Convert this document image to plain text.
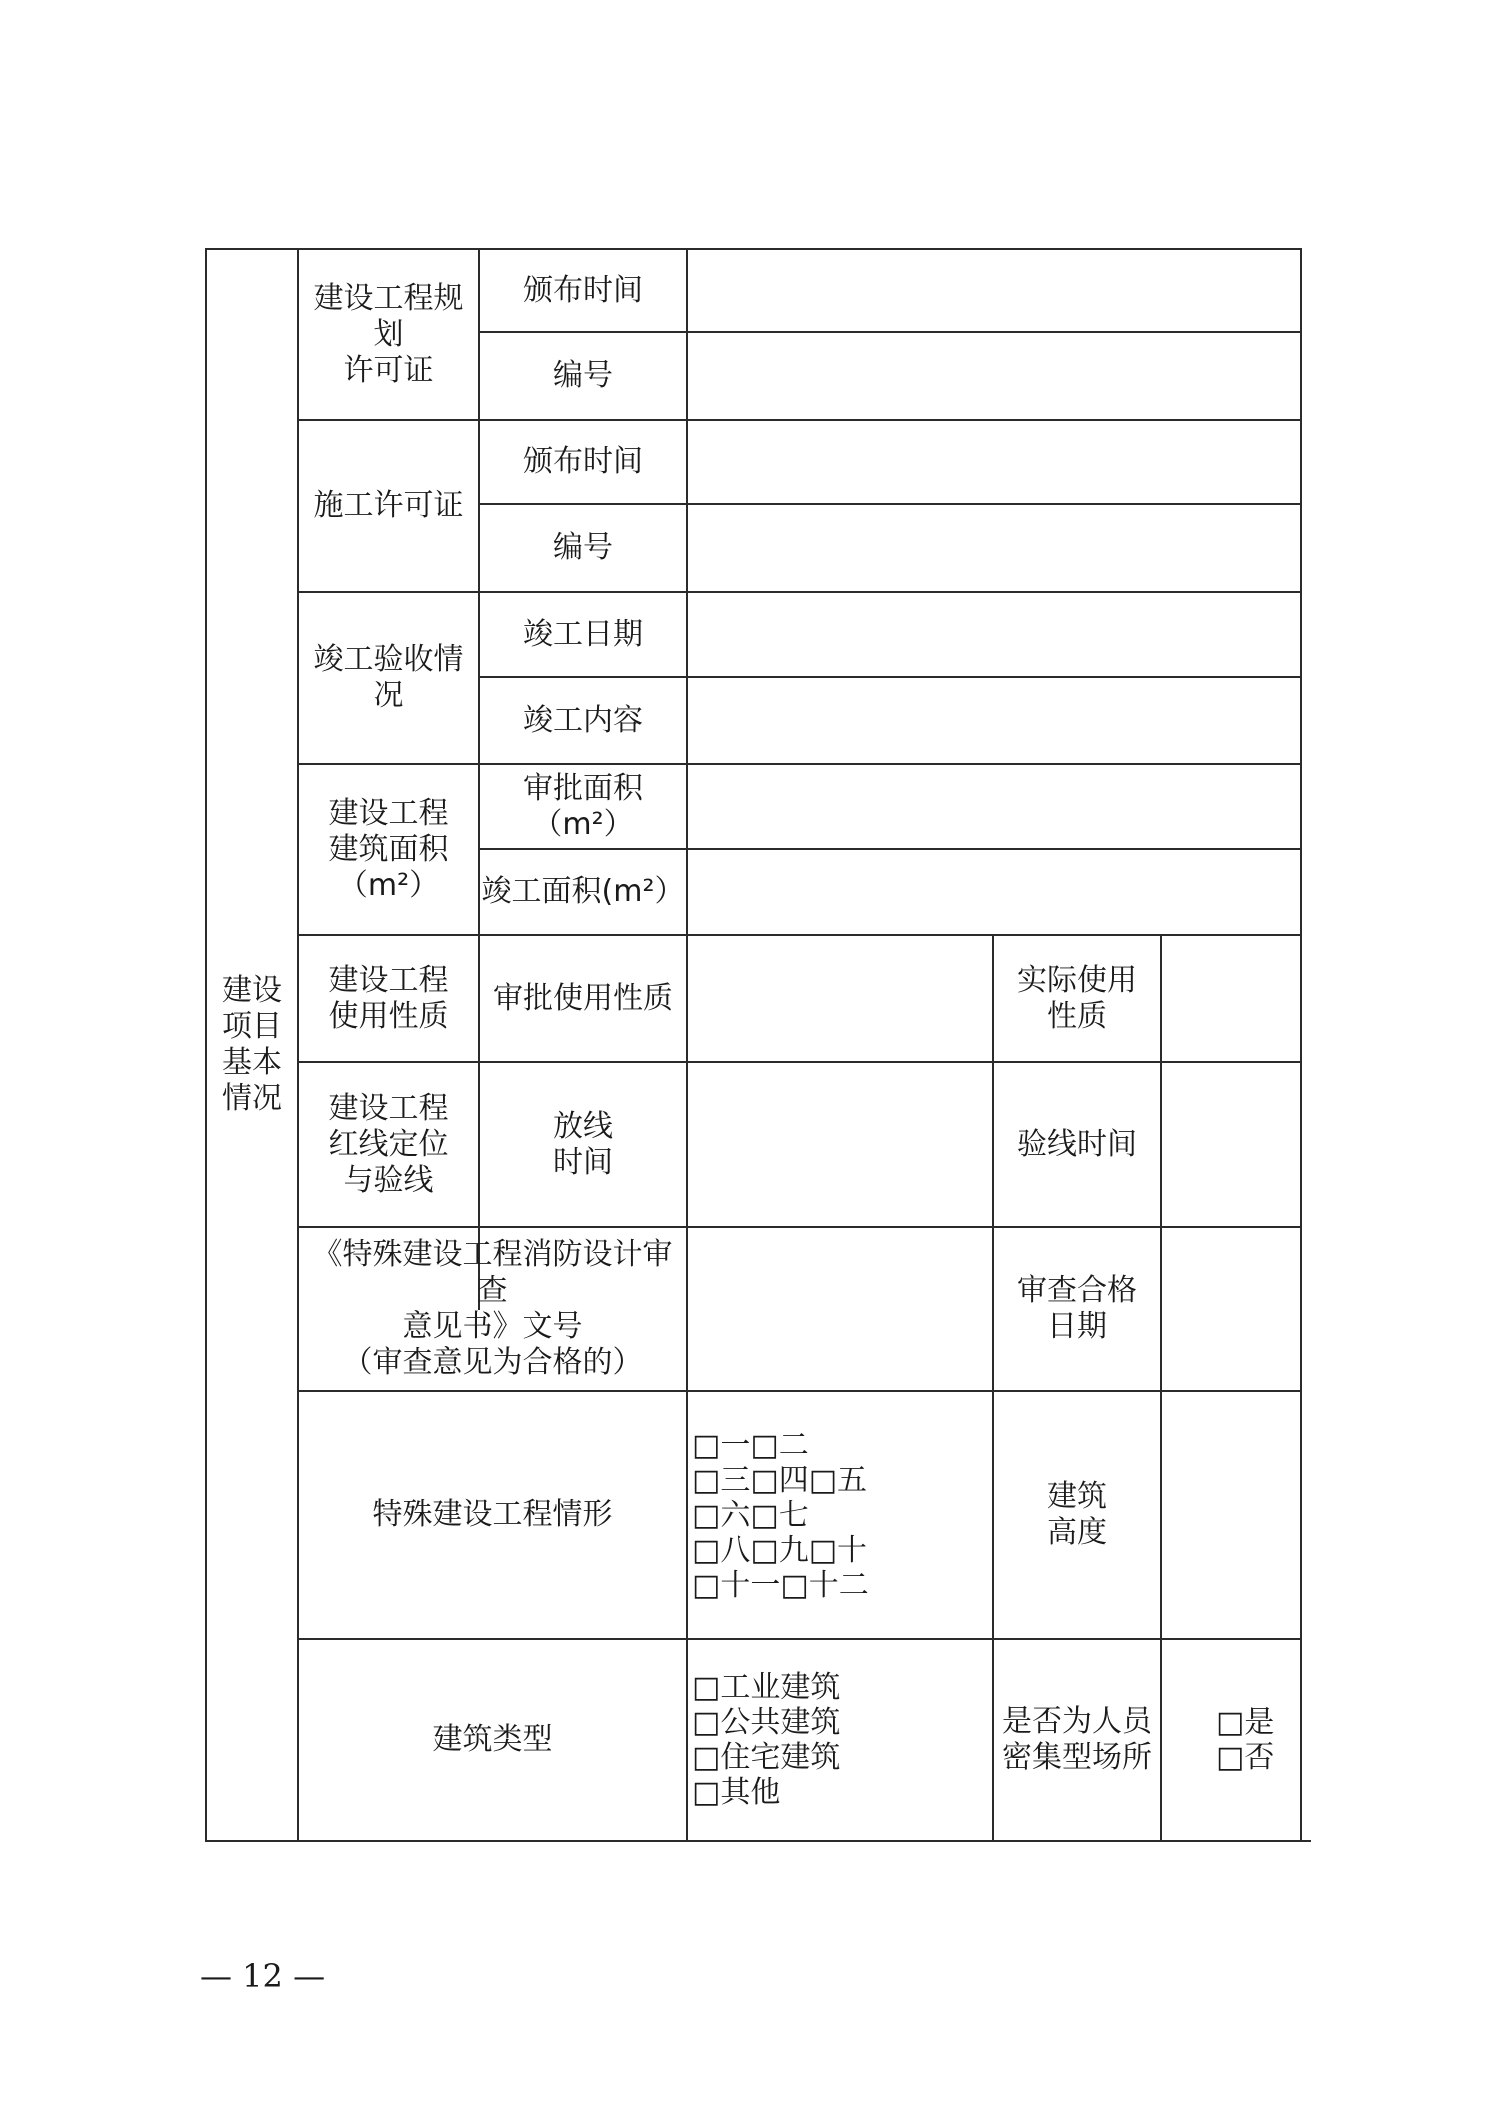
建设
项目
基本
情况
建设工程规划
许可证
颁布时间
编号
施工许可证
颁布时间
编号
竣工验收情况
竣工日期
竣工内容
建设工程
建筑面积
（m²）
审批面积（m²）
竣工面积(m²）
建设工程
使用性质
审批使用性质
实际使用
性质
建设工程
红线定位
与验线
放线
时间
验线时间
《特殊建设工程消防设计审查
意见书》文号
（审查意见为合格的）
审查合格
日期
特殊建设工程情形
□一□二
□三□四□五
□六□七
□八□九□十
□十一□十二
建筑
高度
建筑类型
□工业建筑
□公共建筑
□住宅建筑
□其他
是否为人员
密集型场所
□是
□否
— 12 —
